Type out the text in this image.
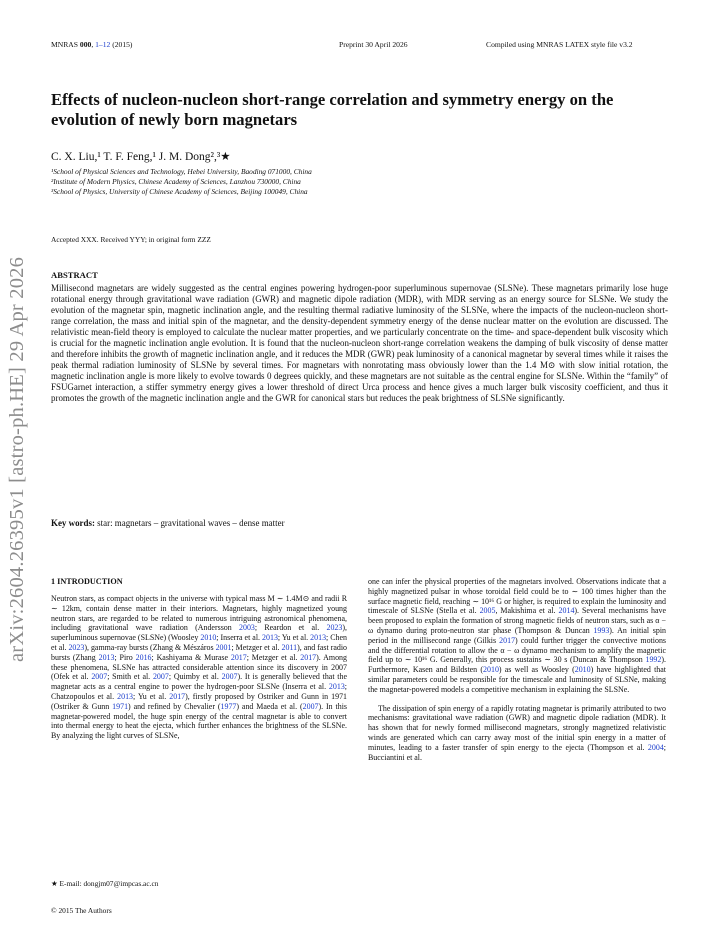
MNRAS 000, 1–12 (2015)	Preprint 30 April 2026	Compiled using MNRAS LATEX style file v3.2
arXiv:2604.26395v1 [astro-ph.HE] 29 Apr 2026
Effects of nucleon-nucleon short-range correlation and symmetry energy on the evolution of newly born magnetars
C. X. Liu,¹ T. F. Feng,¹ J. M. Dong²,³★
¹School of Physical Sciences and Technology, Hebei University, Baoding 071000, China
²Institute of Modern Physics, Chinese Academy of Sciences, Lanzhou 730000, China
³School of Physics, University of Chinese Academy of Sciences, Beijing 100049, China
Accepted XXX. Received YYY; in original form ZZZ
ABSTRACT

Millisecond magnetars are widely suggested as the central engines powering hydrogen-poor superluminous supernovae (SLSNe). These magnetars primarily lose huge rotational energy through gravitational wave radiation (GWR) and magnetic dipole radiation (MDR), with MDR serving as an energy source for SLSNe. We study the evolution of the magnetar spin, magnetic inclination angle, and the resulting thermal radiative luminosity of the SLSNe, where the impacts of the nucleon-nucleon short-range correlation, the mass and initial spin of the magnetar, and the density-dependent symmetry energy of the dense nuclear matter on the evolution are discussed. The relativistic mean-field theory is employed to calculate the nuclear matter properties, and we particularly concentrate on the time- and space-dependent bulk viscosity which is crucial for the magnetic inclination angle evolution. It is found that the nucleon-nucleon short-range correlation weakens the damping of bulk viscosity of dense matter and therefore inhibits the growth of magnetic inclination angle, and it reduces the MDR (GWR) peak luminosity of a canonical magnetar by several times while it raises the peak thermal radiation luminosity of SLSNe by several times. For magnetars with nonrotating mass obviously lower than the 1.4 M⊙ with slow initial rotation, the magnetic inclination angle is more likely to evolve towards 0 degrees quickly, and these magnetars are not suitable as the central engine for SLSNe. Within the “family” of FSUGarnet interaction, a stiffer symmetry energy gives a lower threshold of direct Urca process and hence gives a much larger bulk viscosity coefficient, and thus it promotes the growth of the magnetic inclination angle and the GWR for canonical stars but reduces the peak brightness of SLSNe significantly.

Key words: star: magnetars – gravitational waves – dense matter
1 INTRODUCTION

Neutron stars, as compact objects in the universe with typical mass M ∼ 1.4M⊙ and radii R ∼ 12km, contain dense matter in their interiors. Magnetars, highly magnetized young neutron stars, are regarded to be related to numerous intriguing astronomical phenomena, including gravitational wave radiation (Andersson 2003; Reardon et al. 2023), superluminous supernovae (SLSNe) (Woosley 2010; Inserra et al. 2013; Yu et al. 2013; Chen et al. 2023), gamma-ray bursts (Zhang & Mészáros 2001; Metzger et al. 2011), and fast radio bursts (Zhang 2013; Piro 2016; Kashiyama & Murase 2017; Metzger et al. 2017). Among these phenomena, SLSNe has attracted considerable attention since its discovery in 2007 (Ofek et al. 2007; Smith et al. 2007; Quimby et al. 2007). It is generally believed that the magnetar acts as a central engine to power the hydrogen-poor SLSNe (Inserra et al. 2013; Chatzopoulos et al. 2013; Yu et al. 2017), firstly proposed by Ostriker and Gunn in 1971 (Ostriker & Gunn 1971) and refined by Chevalier (1977) and Maeda et al. (2007). In this magnetar-powered model, the huge spin energy of the central magnetar is able to convert into thermal energy to heat the ejecta, which further enhances the brightness of the SLSNe. By analyzing the light curves of SLSNe,

one can infer the physical properties of the magnetars involved. Observations indicate that a highly magnetized pulsar in whose toroidal field could be to ∼ 100 times higher than the surface magnetic field, reaching ∼ 10¹⁶ G or higher, is required to explain the luminosity and timescale of SLSNe (Stella et al. 2005, Makishima et al. 2014). Several mechanisms have been proposed to explain the formation of strong magnetic fields of neutron stars, such as α − ω dynamo during proto-neutron star phase (Thompson & Duncan 1993). An initial spin period in the millisecond range (Gilkis 2017) could further trigger the convective motions and the differential rotation to allow the α − ω dynamo mechanism to amplify the magnetic field up to ∼ 10¹⁶ G. Generally, this process sustains ∼ 30 s (Duncan & Thompson 1992). Furthermore, Kasen and Bildsten (2010) as well as Woosley (2010) have highlighted that similar parameters could be responsible for the timescale and luminosity of SLSNe, making the magnetar-powered models a competitive mechanism in explaining the SLSNe.

The dissipation of spin energy of a rapidly rotating magnetar is primarily attributed to two mechanisms: gravitational wave radiation (GWR) and magnetic dipole radiation (MDR). It has shown that for newly formed millisecond magnetars, strongly magnetized relativistic winds are generated which can carry away most of the initial spin energy in a matter of minutes, leading to a faster transfer of spin energy to the ejecta (Thompson et al. 2004; Bucciantini et al.

★ E-mail: dongjm07@impcas.ac.cn
© 2015 The Authors
